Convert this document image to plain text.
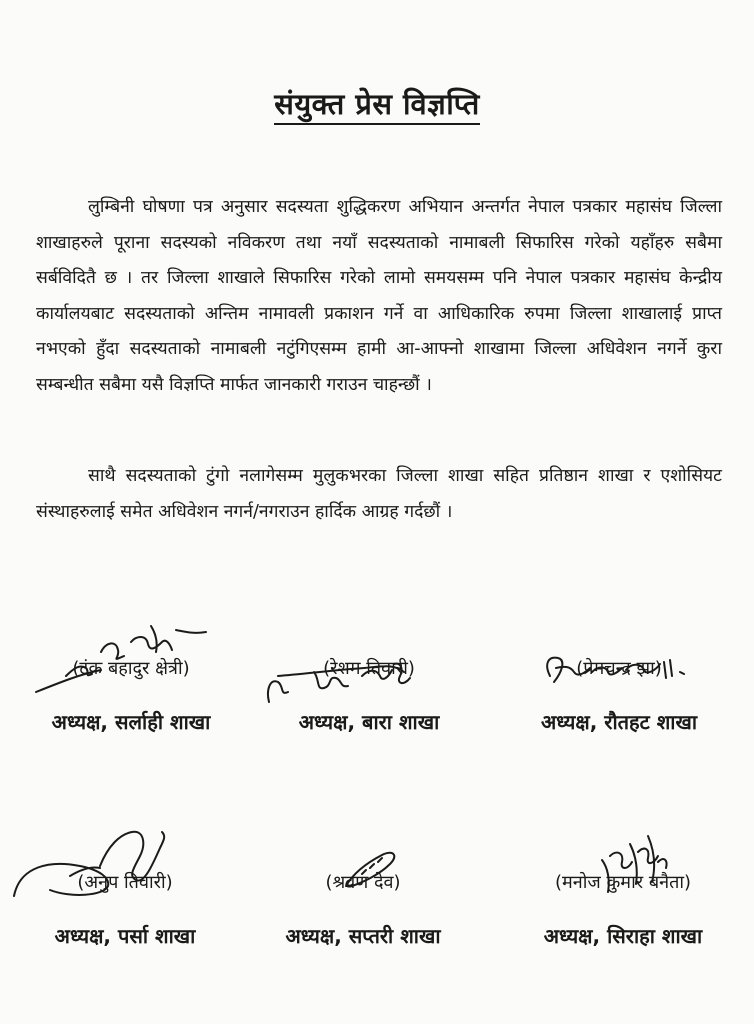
संयुक्त प्रेस विज्ञप्ति

लुम्बिनी घोषणा पत्र अनुसार सदस्यता शुद्धिकरण अभियान अन्तर्गत नेपाल पत्रकार महासंघ जिल्ला शाखाहरुले पूराना सदस्यको नविकरण तथा नयाँ सदस्यताको नामाबली सिफारिस गरेको यहाँहरु सबैमा सर्बविदितै छ । तर जिल्ला शाखाले सिफारिस गरेको लामो समयसम्म पनि नेपाल पत्रकार महासंघ केन्द्रीय कार्यालयबाट सदस्यताको अन्तिम नामावली प्रकाशन गर्ने वा आधिकारिक रुपमा जिल्ला शाखालाई प्राप्त नभएको हुँदा सदस्यताको नामाबली नटुंगिएसम्म हामी आ-आफ्नो शाखामा जिल्ला अधिवेशन नगर्ने कुरा सम्बन्धीत सबैमा यसै विज्ञप्ति मार्फत जानकारी गराउन चाहन्छौं ।

साथै सदस्यताको टुंगो नलागेसम्म मुलुकभरका जिल्ला शाखा सहित प्रतिष्ठान शाखा र एशोसियट संस्थाहरुलाई समेत अधिवेशन नगर्न/नगराउन हार्दिक आग्रह गर्दछौं ।

(टंक बहादुर क्षेत्री)
अध्यक्ष, सर्लाही शाखा
(रेशम तिवारी)
अध्यक्ष, बारा शाखा
(प्रेमचन्द्र झा)
अध्यक्ष, रौतहट शाखा
(अनुप तिवारी)
अध्यक्ष, पर्सा शाखा
(श्रवण देव)
अध्यक्ष, सप्तरी शाखा
(मनोज कुमार बनैता)
अध्यक्ष, सिराहा शाखा
